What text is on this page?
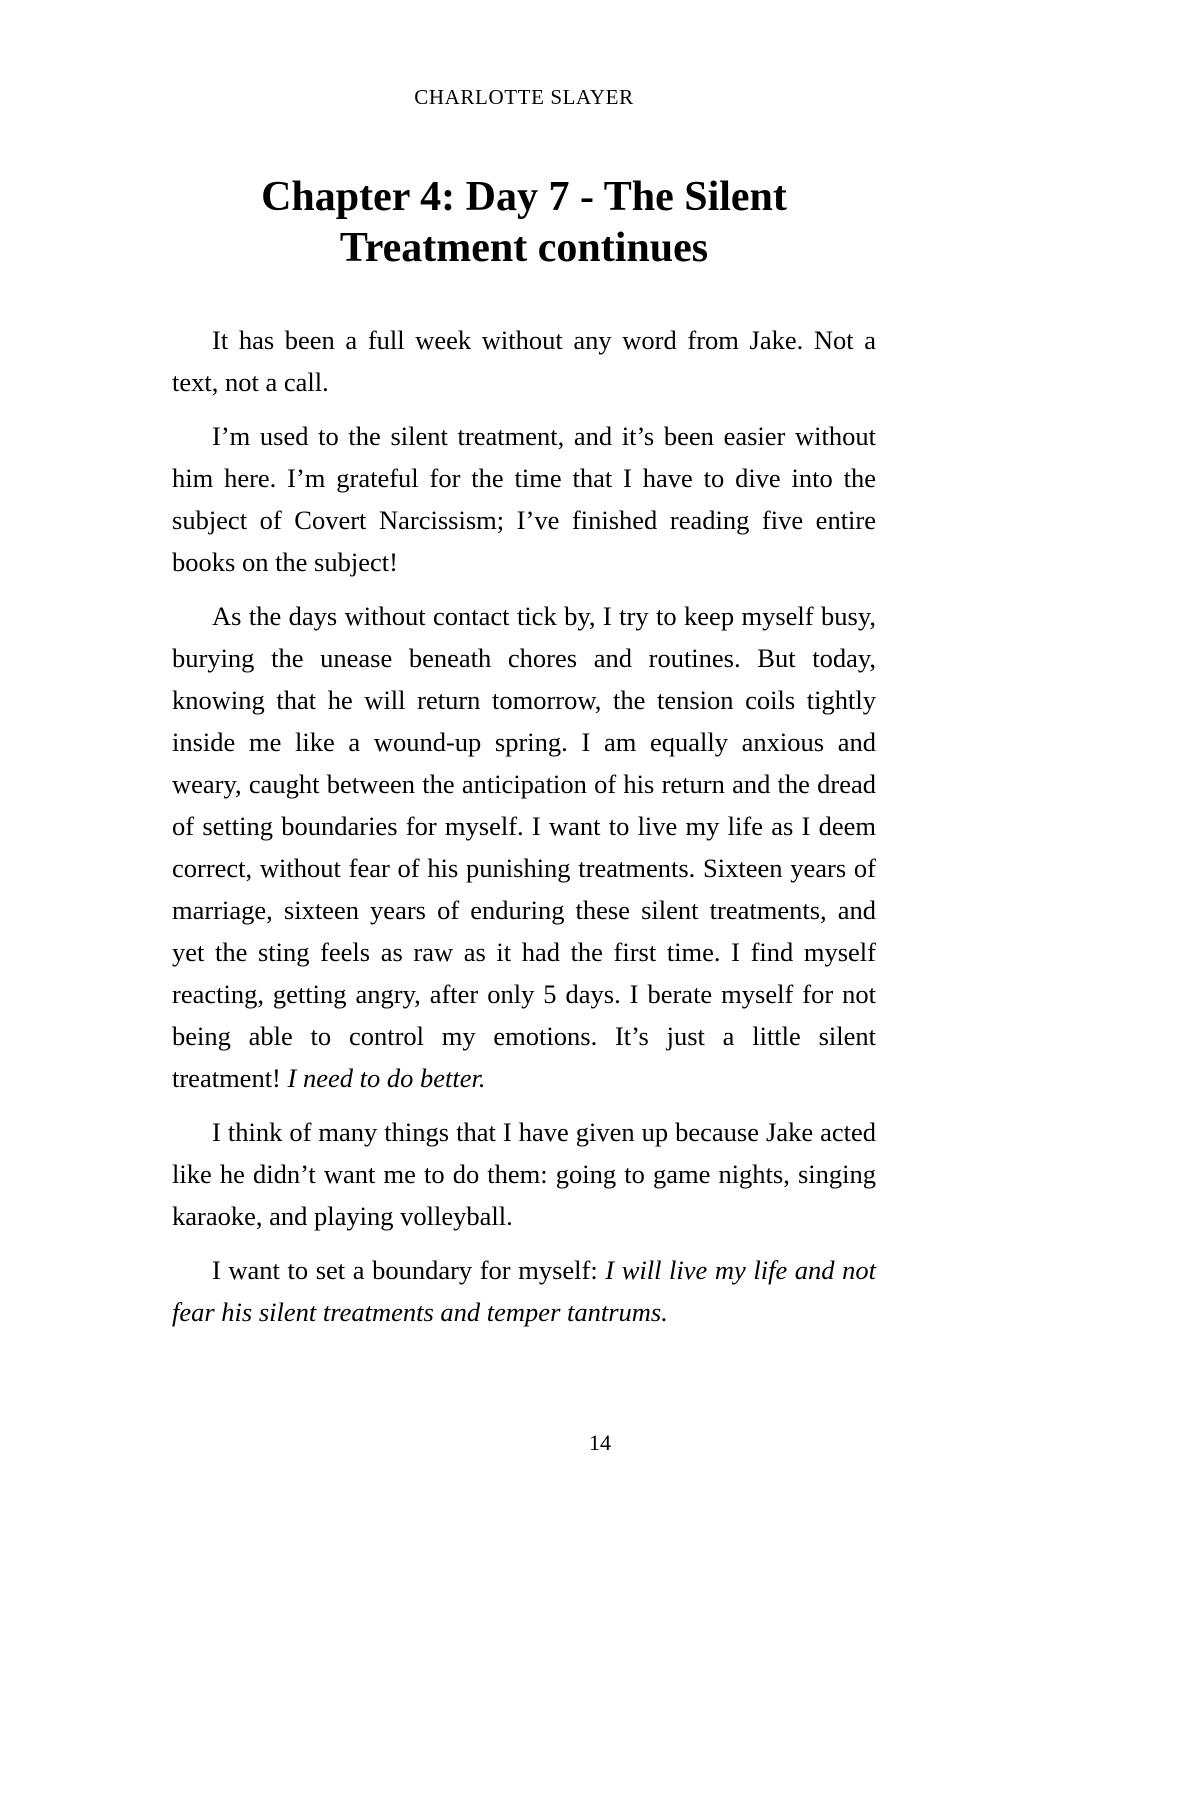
CHARLOTTE SLAYER
Chapter 4: Day 7 - The Silent
Treatment continues

It has been a full week without any word from Jake. Not a text, not a call.

I’m used to the silent treatment, and it’s been easier without him here. I’m grateful for the time that I have to dive into the subject of Covert Narcissism; I’ve finished reading five entire books on the subject!

As the days without contact tick by, I try to keep myself busy, burying the unease beneath chores and routines. But today, knowing that he will return tomorrow, the tension coils tightly inside me like a wound-up spring. I am equally anxious and weary, caught between the anticipation of his return and the dread of setting boundaries for myself. I want to live my life as I deem correct, without fear of his punishing treatments. Sixteen years of marriage, sixteen years of enduring these silent treatments, and yet the sting feels as raw as it had the first time. I find myself reacting, getting angry, after only 5 days. I berate myself for not being able to control my emotions. It’s just a little silent treatment! I need to do better.

I think of many things that I have given up because Jake acted like he didn’t want me to do them: going to game nights, singing karaoke, and playing volleyball.

I want to set a boundary for myself: I will live my life and not fear his silent treatments and temper tantrums.

14
